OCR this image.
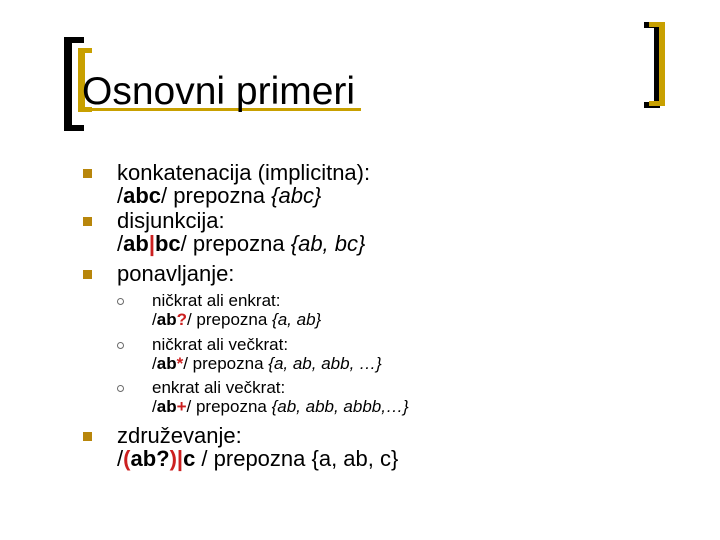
Osnovni primeri
konkatenacija (implicitna):
/abc/ prepozna {abc}
disjunkcija:
/ab|bc/ prepozna {ab, bc}
ponavljanje:
ničkrat ali enkrat:
/ab?/ prepozna {a, ab}
ničkrat ali večkrat:
/ab*/ prepozna {a, ab, abb, …}
enkrat ali večkrat:
/ab+/ prepozna {ab, abb, abbb,…}
združevanje:
/(ab?)|c / prepozna {a, ab, c}
